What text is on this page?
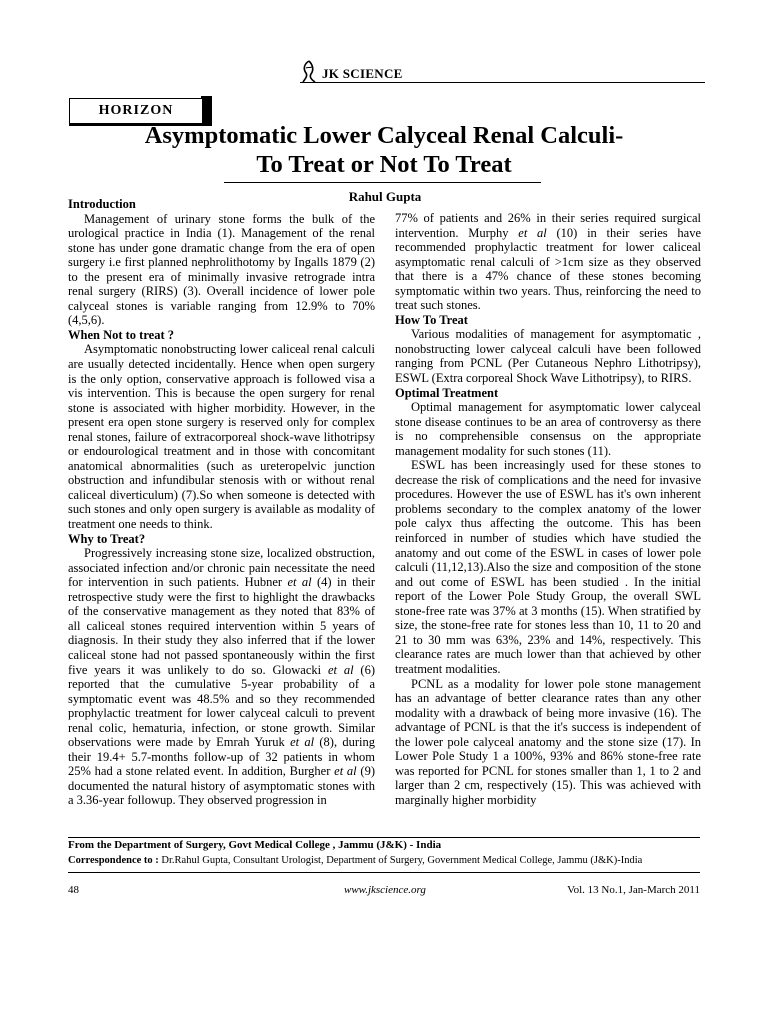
JK SCIENCE
HORIZON
Asymptomatic Lower Calyceal Renal Calculi-
To Treat or Not To Treat
Rahul Gupta
Introduction

Management of urinary stone forms the bulk of the urological practice in India (1). Management of the renal stone has under gone dramatic change from the era of open surgery i.e first planned nephrolithotomy by Ingalls 1879 (2) to the present era of minimally invasive retrograde intra renal surgery (RIRS) (3). Overall incidence of lower pole calyceal stones is variable ranging from 12.9% to 70% (4,5,6).

When Not to treat ?

Asymptomatic nonobstructing lower caliceal renal calculi are usually detected incidentally. Hence when open surgery is the only option, conservative approach is followed visa a vis intervention. This is because the open surgery for renal stone is associated with higher morbidity. However, in the present era open stone surgery is reserved only for complex renal stones, failure of extracorporeal shock-wave lithotripsy or endourological treatment and in those with concomitant anatomical abnormalities (such as ureteropelvic junction obstruction and infundibular stenosis with or without renal caliceal diverticulum) (7).So when someone is detected with such stones and only open surgery is available as modality of treatment one needs to think.

Why to Treat?

Progressively increasing stone size, localized obstruction, associated infection and/or chronic pain necessitate the need for intervention in such patients. Hubner et al (4) in their retrospective study were the first to highlight the drawbacks of the conservative management as they noted that 83% of all caliceal stones required intervention within 5 years of diagnosis. In their study they also inferred that if the lower caliceal stone had not passed spontaneously within the first five years it was unlikely to do so. Glowacki et al (6) reported that the cumulative 5-year probability of a symptomatic event was 48.5% and so they recommended prophylactic treatment for lower calyceal calculi to prevent renal colic, hematuria, infection, or stone growth. Similar observations were made by Emrah Yuruk et al (8), during their 19.4+ 5.7-months follow-up of 32 patients in whom 25% had a stone related event. In addition, Burgher et al (9) documented the natural history of asymptomatic stones with a 3.36-year followup. They observed progression in

77% of patients and 26% in their series required surgical intervention. Murphy et al (10) in their series have recommended prophylactic treatment for lower caliceal asymptomatic renal calculi of >1cm size as they observed that there is a 47% chance of these stones becoming symptomatic within two years. Thus, reinforcing the need to treat such stones.

How To Treat

Various modalities of management for asymptomatic , nonobstructing lower calyceal calculi have been followed ranging from PCNL (Per Cutaneous Nephro Lithotripsy), ESWL (Extra corporeal Shock Wave Lithotripsy), to RIRS.

Optimal Treatment

Optimal management for asymptomatic lower calyceal stone disease continues to be an area of controversy as there is no comprehensible consensus on the appropriate management modality for such stones (11).

ESWL has been increasingly used for these stones to decrease the risk of complications and the need for invasive procedures. However the use of ESWL has it's own inherent problems secondary to the complex anatomy of the lower pole calyx thus affecting the outcome. This has been reinforced in number of studies which have studied the anatomy and out come of the ESWL in cases of lower pole calculi (11,12,13).Also the size and composition of the stone and out come of ESWL has been studied . In the initial report of the Lower Pole Study Group, the overall SWL stone-free rate was 37% at 3 months (15). When stratified by size, the stone-free rate for stones less than 10, 11 to 20 and 21 to 30 mm was 63%, 23% and 14%, respectively. This clearance rates are much lower than that achieved by other treatment modalities.

PCNL as a modality for lower pole stone management has an advantage of better clearance rates than any other modality with a drawback of being more invasive (16). The advantage of PCNL is that the it's success is independent of the lower pole calyceal anatomy and the stone size (17). In Lower Pole Study 1 a 100%, 93% and 86% stone-free rate was reported for PCNL for stones smaller than 1, 1 to 2 and larger than 2 cm, respectively (15). This was achieved with marginally higher morbidity

From the Department of Surgery, Govt Medical College , Jammu (J&K) - India
Correspondence to : Dr.Rahul Gupta, Consultant Urologist, Department of Surgery, Government Medical College, Jammu (J&K)-India
48	www.jkscience.org	Vol. 13 No.1, Jan-March 2011
